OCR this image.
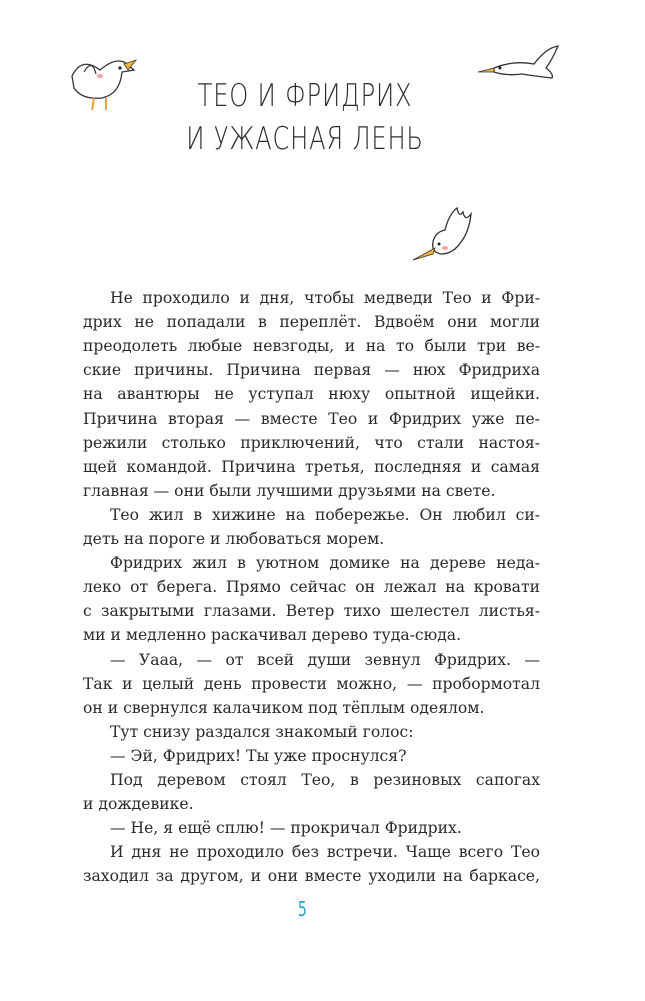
ТЕО И ФРИДРИХ
И УЖАСНАЯ ЛЕНЬ
Не проходило и дня, чтобы медведи Тео и Фри-
дрих не попадали в переплёт. Вдвоём они могли
преодолеть любые невзгоды, и на то были три ве-
ские причины. Причина первая — нюх Фридриха
на авантюры не уступал нюху опытной ищейки.
Причина вторая — вместе Тео и Фридрих уже пе-
режили столько приключений, что стали настоя-
щей командой. Причина третья, последняя и самая
главная — они были лучшими друзьями на свете.
Тео жил в хижине на побережье. Он любил си-
деть на пороге и любоваться морем.
Фридрих жил в уютном домике на дереве неда-
леко от берега. Прямо сейчас он лежал на кровати
с закрытыми глазами. Ветер тихо шелестел листья-
ми и медленно раскачивал дерево туда-сюда.
— Уааа, — от всей души зевнул Фридрих. —
Так и целый день провести можно, — пробормотал
он и свернулся калачиком под тёплым одеялом.
Тут снизу раздался знакомый голос:
— Эй, Фридрих! Ты уже проснулся?
Под деревом стоял Тео, в резиновых сапогах
и дождевике.
— Не, я ещё сплю! — прокричал Фридрих.
И дня не проходило без встречи. Чаще всего Тео
заходил за другом, и они вместе уходили на баркасе,
5
